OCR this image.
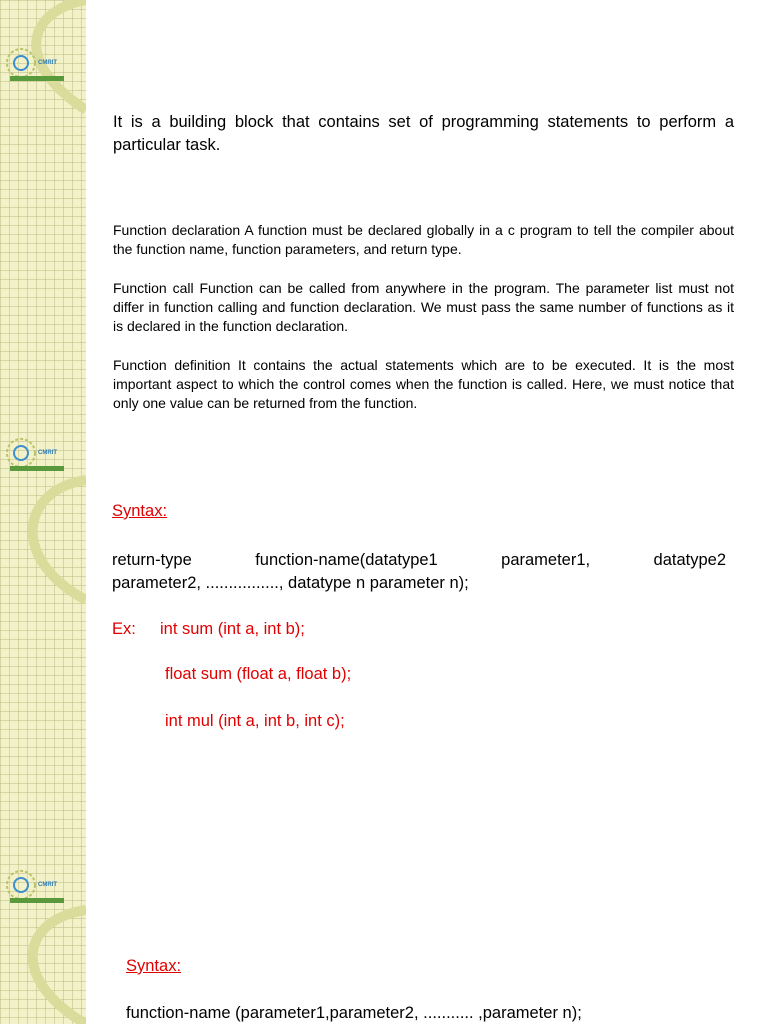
CMRIT
CMRIT
CMRIT
It is a building block that contains set of programming statements to perform a particular task.
Function declaration A function must be declared globally in a c program to tell the compiler about the function name, function parameters, and return type.
Function call Function can be called from anywhere in the program. The parameter list must not differ in function calling and function declaration. We must pass the same number of functions as it is declared in the function declaration.
Function definition It contains the actual statements which are to be executed. It is the most important aspect to which the control comes when the function is called. Here, we must notice that only one value can be returned from the function.
Syntax:
return-type	function-name(datatype1	parameter1,	datatype2
parameter2, ................, datatype n parameter n);
Ex: int sum (int a, int b);
float sum (float a, float b);
int mul (int a, int b, int c);
Syntax:
function-name (parameter1,parameter2, ........... ,parameter n);
